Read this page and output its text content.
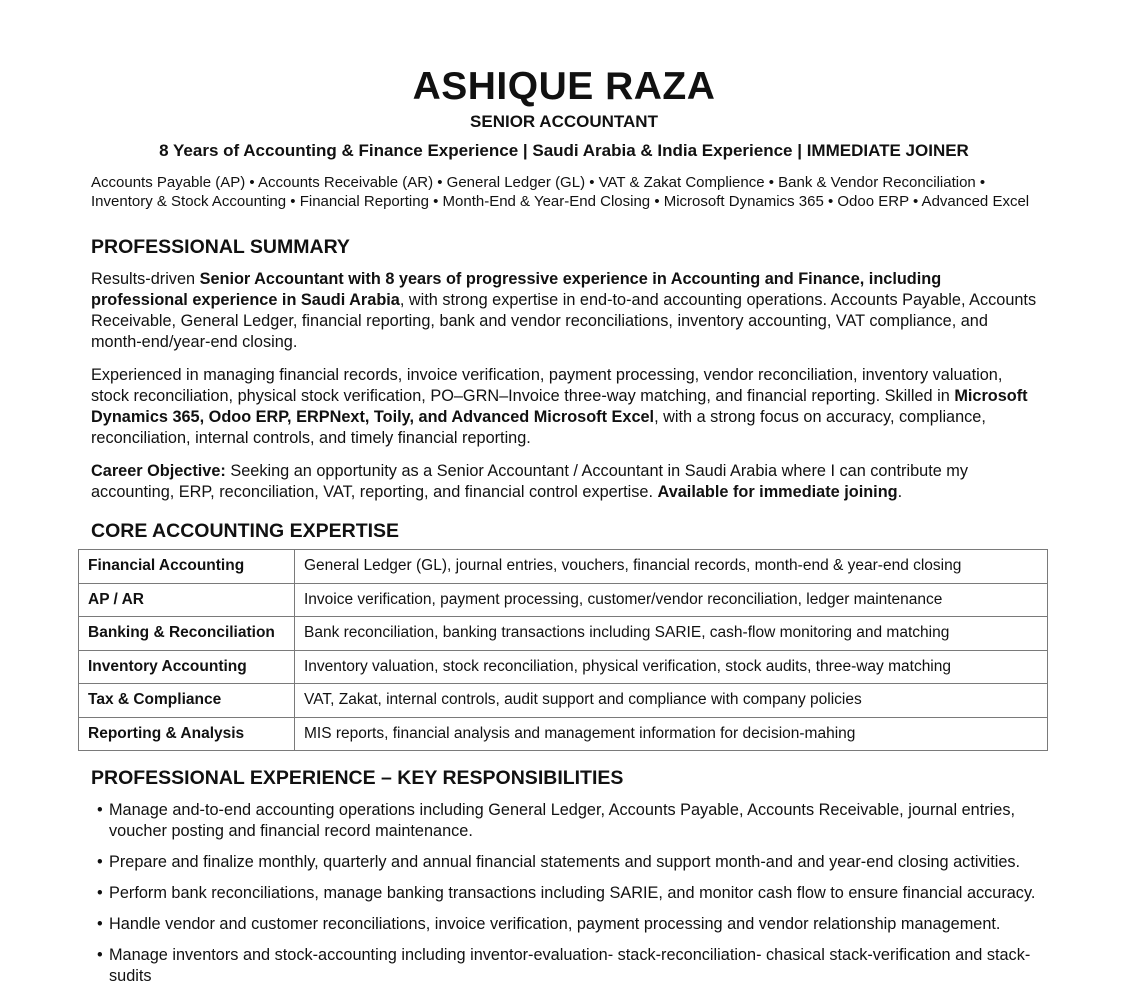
ASHIQUE RAZA
SENIOR ACCOUNTANT
8 Years of Accounting & Finance Experience | Saudi Arabia & India Experience | IMMEDIATE JOINER
Accounts Payable (AP) • Accounts Receivable (AR) • General Ledger (GL) • VAT & Zakat Complience • Bank & Vendor Reconciliation • Inventory & Stock Accounting • Financial Reporting • Month-End & Year-End Closing • Microsoft Dynamics 365 • Odoo ERP • Advanced Excel
PROFESSIONAL SUMMARY
Results-driven Senior Accountant with 8 years of progressive experience in Accounting and Finance, including professional experience in Saudi Arabia, with strong expertise in end-to-and accounting operations. Accounts Payable, Accounts Receivable, General Ledger, financial reporting, bank and vendor reconciliations, inventory accounting, VAT compliance, and month-end/year-end closing.
Experienced in managing financial records, invoice verification, payment processing, vendor reconciliation, inventory valuation, stock reconciliation, physical stock verification, PO–GRN–Invoice three-way matching, and financial reporting. Skilled in Microsoft Dynamics 365, Odoo ERP, ERPNext, Toily, and Advanced Microsoft Excel, with a strong focus on accuracy, compliance, reconciliation, internal controls, and timely financial reporting.
Career Objective: Seeking an opportunity as a Senior Accountant / Accountant in Saudi Arabia where I can contribute my accounting, ERP, reconciliation, VAT, reporting, and financial control expertise. Available for immediate joining.
CORE ACCOUNTING EXPERTISE
Financial Accounting	General Ledger (GL), journal entries, vouchers, financial records, month-end & year-end closing
AP / AR	Invoice verification, payment processing, customer/vendor reconciliation, ledger maintenance
Banking & Reconciliation	Bank reconciliation, banking transactions including SARIE, cash-flow monitoring and matching
Inventory Accounting	Inventory valuation, stock reconciliation, physical verification, stock audits, three-way matching
Tax & Compliance	VAT, Zakat, internal controls, audit support and compliance with company policies
Reporting & Analysis	MIS reports, financial analysis and management information for decision-mahing
PROFESSIONAL EXPERIENCE – KEY RESPONSIBILITIES
• Manage and-to-end accounting operations including General Ledger, Accounts Payable, Accounts Receivable, journal entries, voucher posting and financial record maintenance.
• Prepare and finalize monthly, quarterly and annual financial statements and support month-and and year-end closing activities.
• Perform bank reconciliations, manage banking transactions including SARIE, and monitor cash flow to ensure financial accuracy.
• Handle vendor and customer reconciliations, invoice verification, payment processing and vendor relationship management.
• Manage inventors and stock-accounting including inventor-evaluation- stack-reconciliation- chasical stack-verification and stack-sudits
